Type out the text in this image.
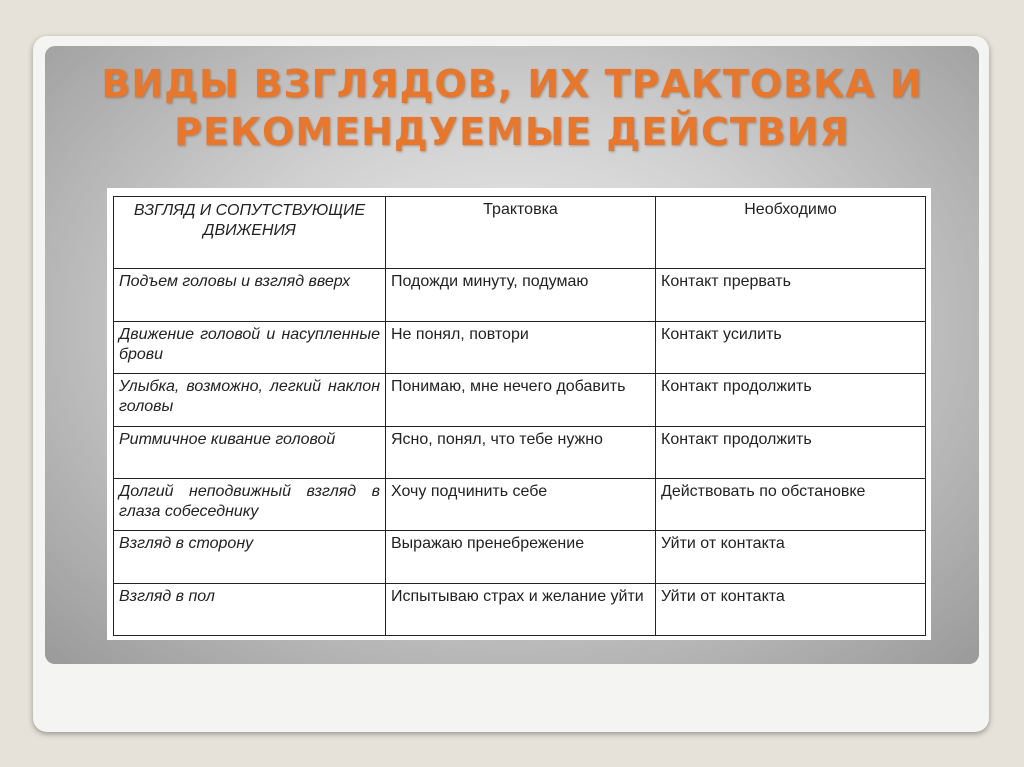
ВИДЫ ВЗГЛЯДОВ, ИХ ТРАКТОВКА И
РЕКОМЕНДУЕМЫЕ ДЕЙСТВИЯ
ВЗГЛЯД И СОПУТСТВУЮЩИЕ ДВИЖЕНИЯ	Трактовка	Необходимо
Подъем головы и взгляд вверх	Подожди минуту, подумаю	Контакт прервать
Движение головой и насупленные брови	Не понял, повтори	Контакт усилить
Улыбка, возможно, легкий наклон головы	Понимаю, мне нечего добавить	Контакт продолжить
Ритмичное кивание головой	Ясно, понял, что тебе нужно	Контакт продолжить
Долгий неподвижный взгляд в глаза собеседнику	Хочу подчинить себе	Действовать по обстановке
Взгляд в сторону	Выражаю пренебрежение	Уйти от контакта
Взгляд в пол	Испытываю страх и желание уйти	Уйти от контакта
